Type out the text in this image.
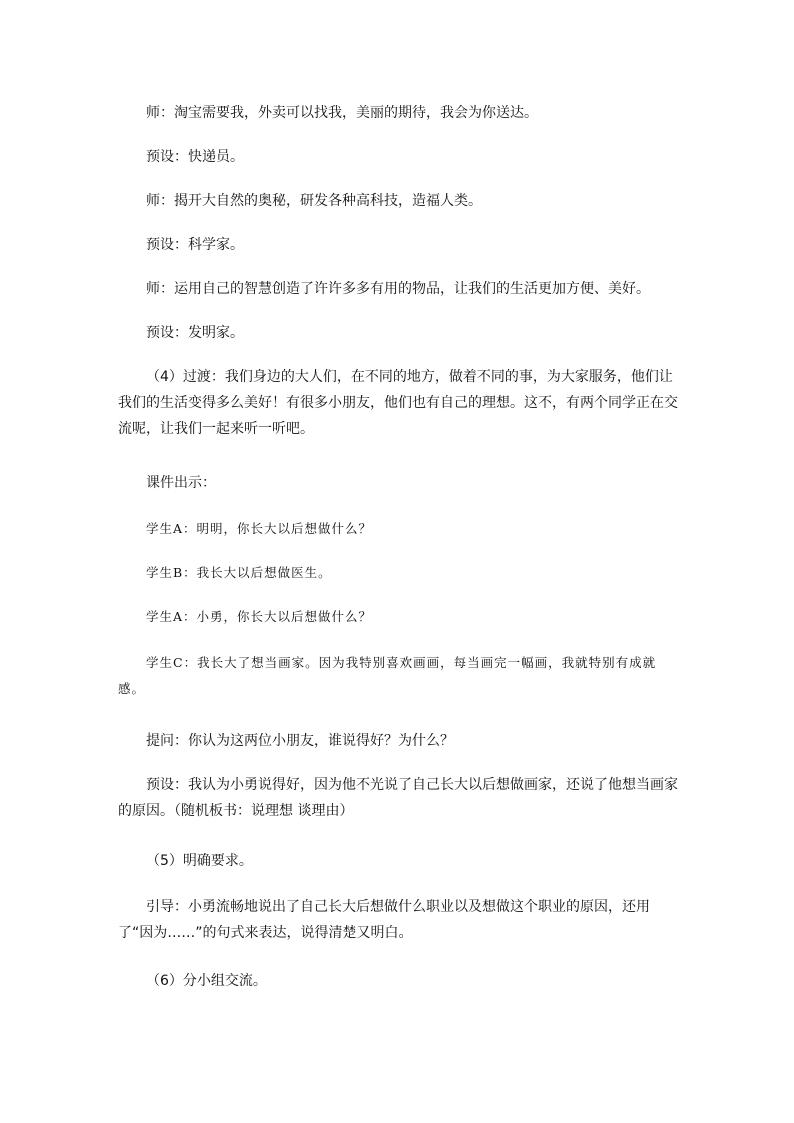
师：淘宝需要我，外卖可以找我，美丽的期待，我会为你送达。

预设：快递员。

师：揭开大自然的奥秘，研发各种高科技，造福人类。

预设：科学家。

师：运用自己的智慧创造了许许多多有用的物品，让我们的生活更加方便、美好。

预设：发明家。

（4）过渡：我们身边的大人们，在不同的地方，做着不同的事，为大家服务，他们让我们的生活变得多么美好！有很多小朋友，他们也有自己的理想。这不，有两个同学正在交流呢，让我们一起来听一听吧。

课件出示：

学生A：明明，你长大以后想做什么？

学生B：我长大以后想做医生。

学生A：小勇，你长大以后想做什么？

学生C：我长大了想当画家。因为我特别喜欢画画，每当画完一幅画，我就特别有成就感。

提问：你认为这两位小朋友，谁说得好？为什么？

预设：我认为小勇说得好，因为他不光说了自己长大以后想做画家，还说了他想当画家的原因。（随机板书：说理想 谈理由）

（5）明确要求。

引导：小勇流畅地说出了自己长大后想做什么职业以及想做这个职业的原因，还用了“因为……”的句式来表达，说得清楚又明白。

（6）分小组交流。
